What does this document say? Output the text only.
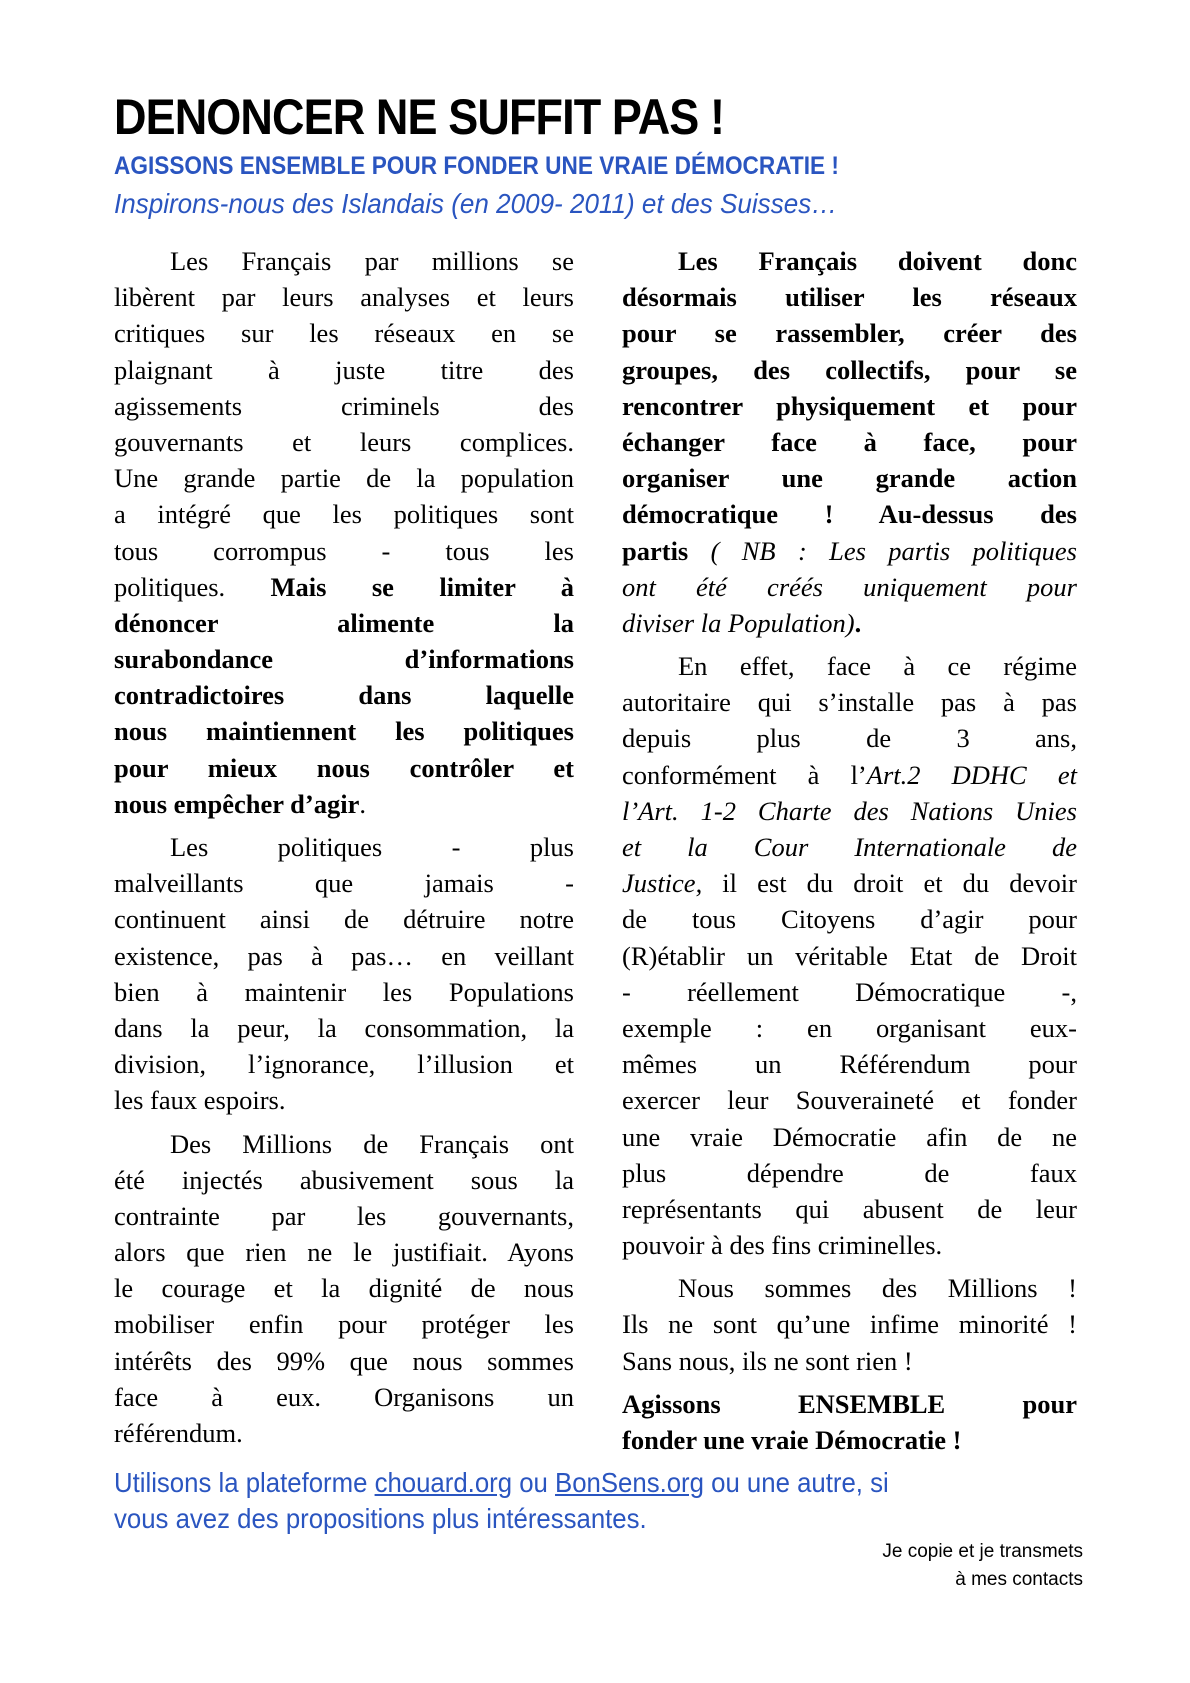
DENONCER NE SUFFIT PAS !
AGISSONS ENSEMBLE POUR FONDER UNE VRAIE DÉMOCRATIE !
Inspirons-nous des Islandais (en 2009- 2011) et des Suisses…
Les Français par millions se
libèrent par leurs analyses et leurs
critiques sur les réseaux en se
plaignant à juste titre des
agissements criminels des
gouvernants et leurs complices.
Une grande partie de la population
a intégré que les politiques sont
tous corrompus - tous les
politiques. Mais se limiter à
dénoncer alimente la
surabondance d’informations
contradictoires dans laquelle
nous maintiennent les politiques
pour mieux nous contrôler et
nous empêcher d’agir.
Les politiques - plus
malveillants que jamais -
continuent ainsi de détruire notre
existence, pas à pas… en veillant
bien à maintenir les Populations
dans la peur, la consommation, la
division, l’ignorance, l’illusion et
les faux espoirs.
Des Millions de Français ont
été injectés abusivement sous la
contrainte par les gouvernants,
alors que rien ne le justifiait. Ayons
le courage et la dignité de nous
mobiliser enfin pour protéger les
intérêts des 99% que nous sommes
face à eux. Organisons un
référendum.
Les Français doivent donc
désormais utiliser les réseaux
pour se rassembler, créer des
groupes, des collectifs, pour se
rencontrer physiquement et pour
échanger face à face, pour
organiser une grande action
démocratique ! Au-dessus des
partis ( NB : Les partis politiques
ont été créés uniquement pour
diviser la Population).
En effet, face à ce régime
autoritaire qui s’installe pas à pas
depuis plus de 3 ans,
conformément à l’Art.2 DDHC et
l’Art. 1-2 Charte des Nations Unies
et la Cour Internationale de
Justice, il est du droit et du devoir
de tous Citoyens d’agir pour
(R)établir un véritable Etat de Droit
- réellement Démocratique -,
exemple : en organisant eux-
mêmes un Référendum pour
exercer leur Souveraineté et fonder
une vraie Démocratie afin de ne
plus dépendre de faux
représentants qui abusent de leur
pouvoir à des fins criminelles.
Nous sommes des Millions !
Ils ne sont qu’une infime minorité !
Sans nous, ils ne sont rien !
Agissons ENSEMBLE pour
fonder une vraie Démocratie !
Utilisons la plateforme chouard.org ou BonSens.org ou une autre, si
vous avez des propositions plus intéressantes.
Je copie et je transmets
à mes contacts
